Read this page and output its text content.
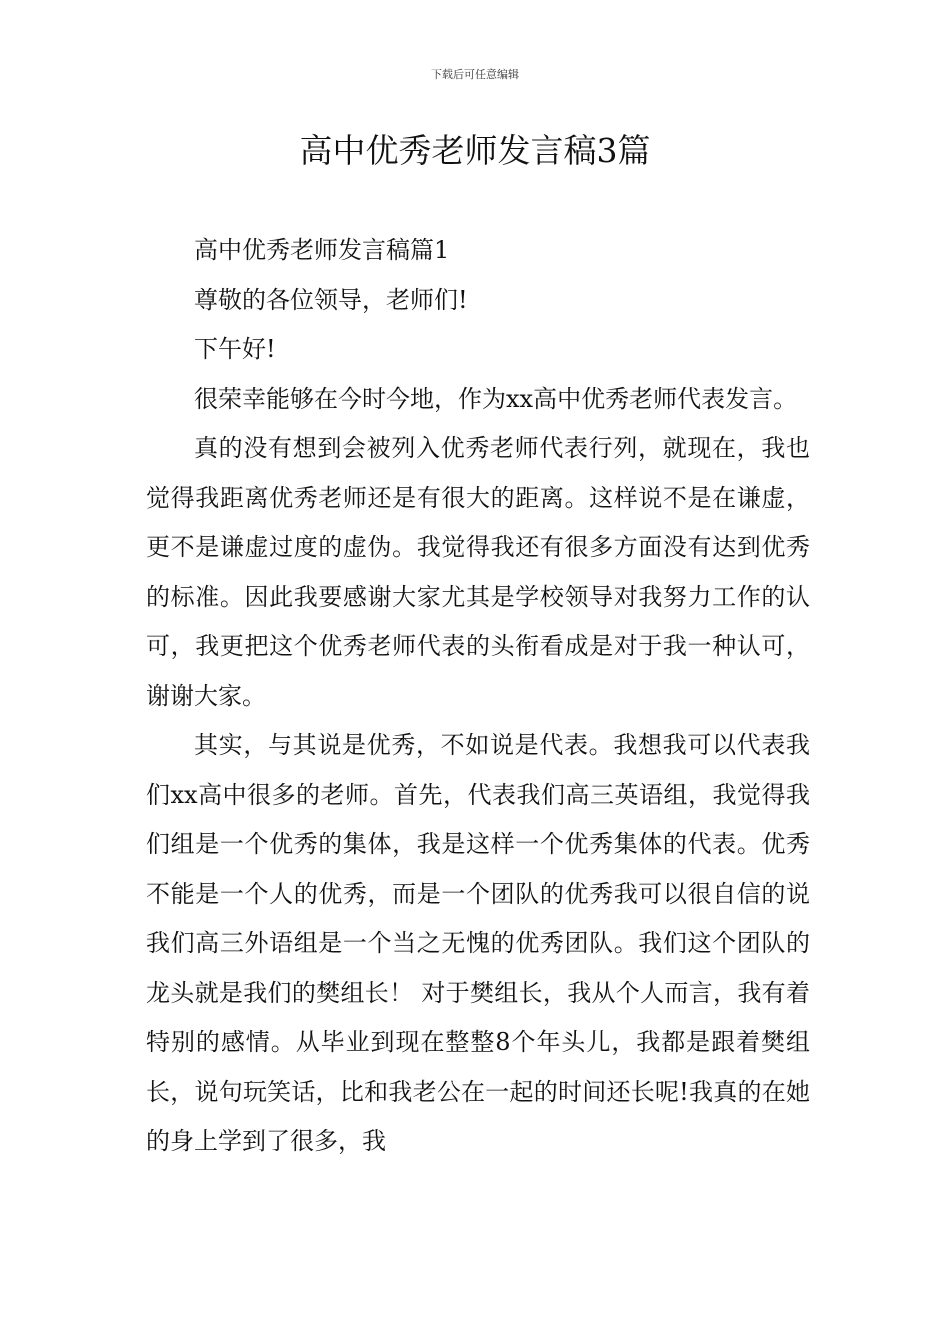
下载后可任意编辑
高中优秀老师发言稿3篇

高中优秀老师发言稿篇1

尊敬的各位领导，老师们!

下午好!

很荣幸能够在今时今地，作为xx高中优秀老师代表发言。

真的没有想到会被列入优秀老师代表行列，就现在，我也觉得我距离优秀老师还是有很大的距离。这样说不是在谦虚，更不是谦虚过度的虚伪。我觉得我还有很多方面没有达到优秀的标准。因此我要感谢大家尤其是学校领导对我努力工作的认可，我更把这个优秀老师代表的头衔看成是对于我一种认可，谢谢大家。

其实，与其说是优秀，不如说是代表。我想我可以代表我们xx高中很多的老师。首先，代表我们高三英语组，我觉得我们组是一个优秀的集体，我是这样一个优秀集体的代表。优秀不能是一个人的优秀，而是一个团队的优秀我可以很自信的说我们高三外语组是一个当之无愧的优秀团队。我们这个团队的龙头就是我们的樊组长！ 对于樊组长，我从个人而言，我有着特别的感情。从毕业到现在整整8个年头儿，我都是跟着樊组长，说句玩笑话，比和我老公在一起的时间还长呢!我真的在她的身上学到了很多，我
